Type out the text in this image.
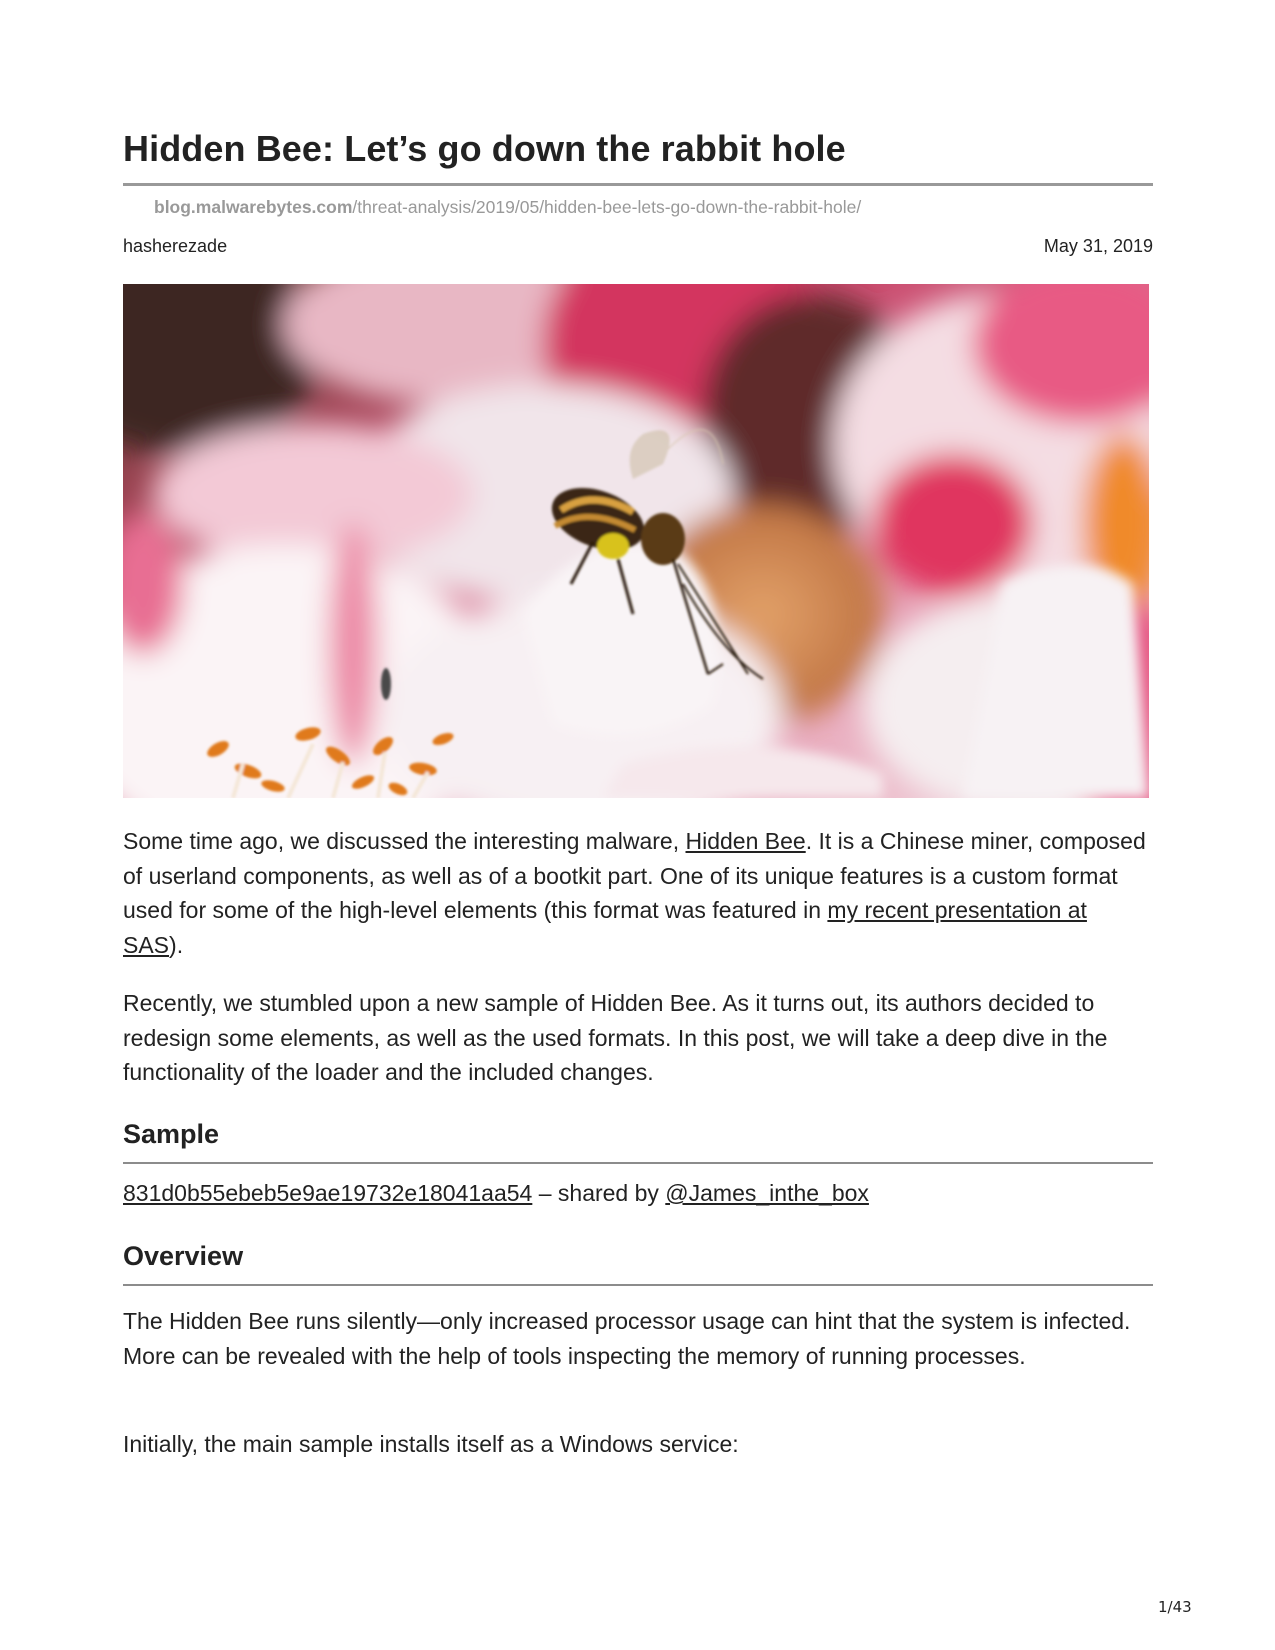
Hidden Bee: Let’s go down the rabbit hole
blog.malwarebytes.com/threat-analysis/2019/05/hidden-bee-lets-go-down-the-rabbit-hole/
hasherezade	May 31, 2019

Some time ago, we discussed the interesting malware, Hidden Bee. It is a Chinese miner, composed of userland components, as well as of a bootkit part. One of its unique features is a custom format used for some of the high-level elements (this format was featured in my recent presentation at SAS).

Recently, we stumbled upon a new sample of Hidden Bee. As it turns out, its authors decided to redesign some elements, as well as the used formats. In this post, we will take a deep dive in the functionality of the loader and the included changes.

Sample
831d0b55ebeb5e9ae19732e18041aa54 – shared by @James_inthe_box
Overview

The Hidden Bee runs silently—only increased processor usage can hint that the system is infected. More can be revealed with the help of tools inspecting the memory of running processes.

Initially, the main sample installs itself as a Windows service:

1/43
